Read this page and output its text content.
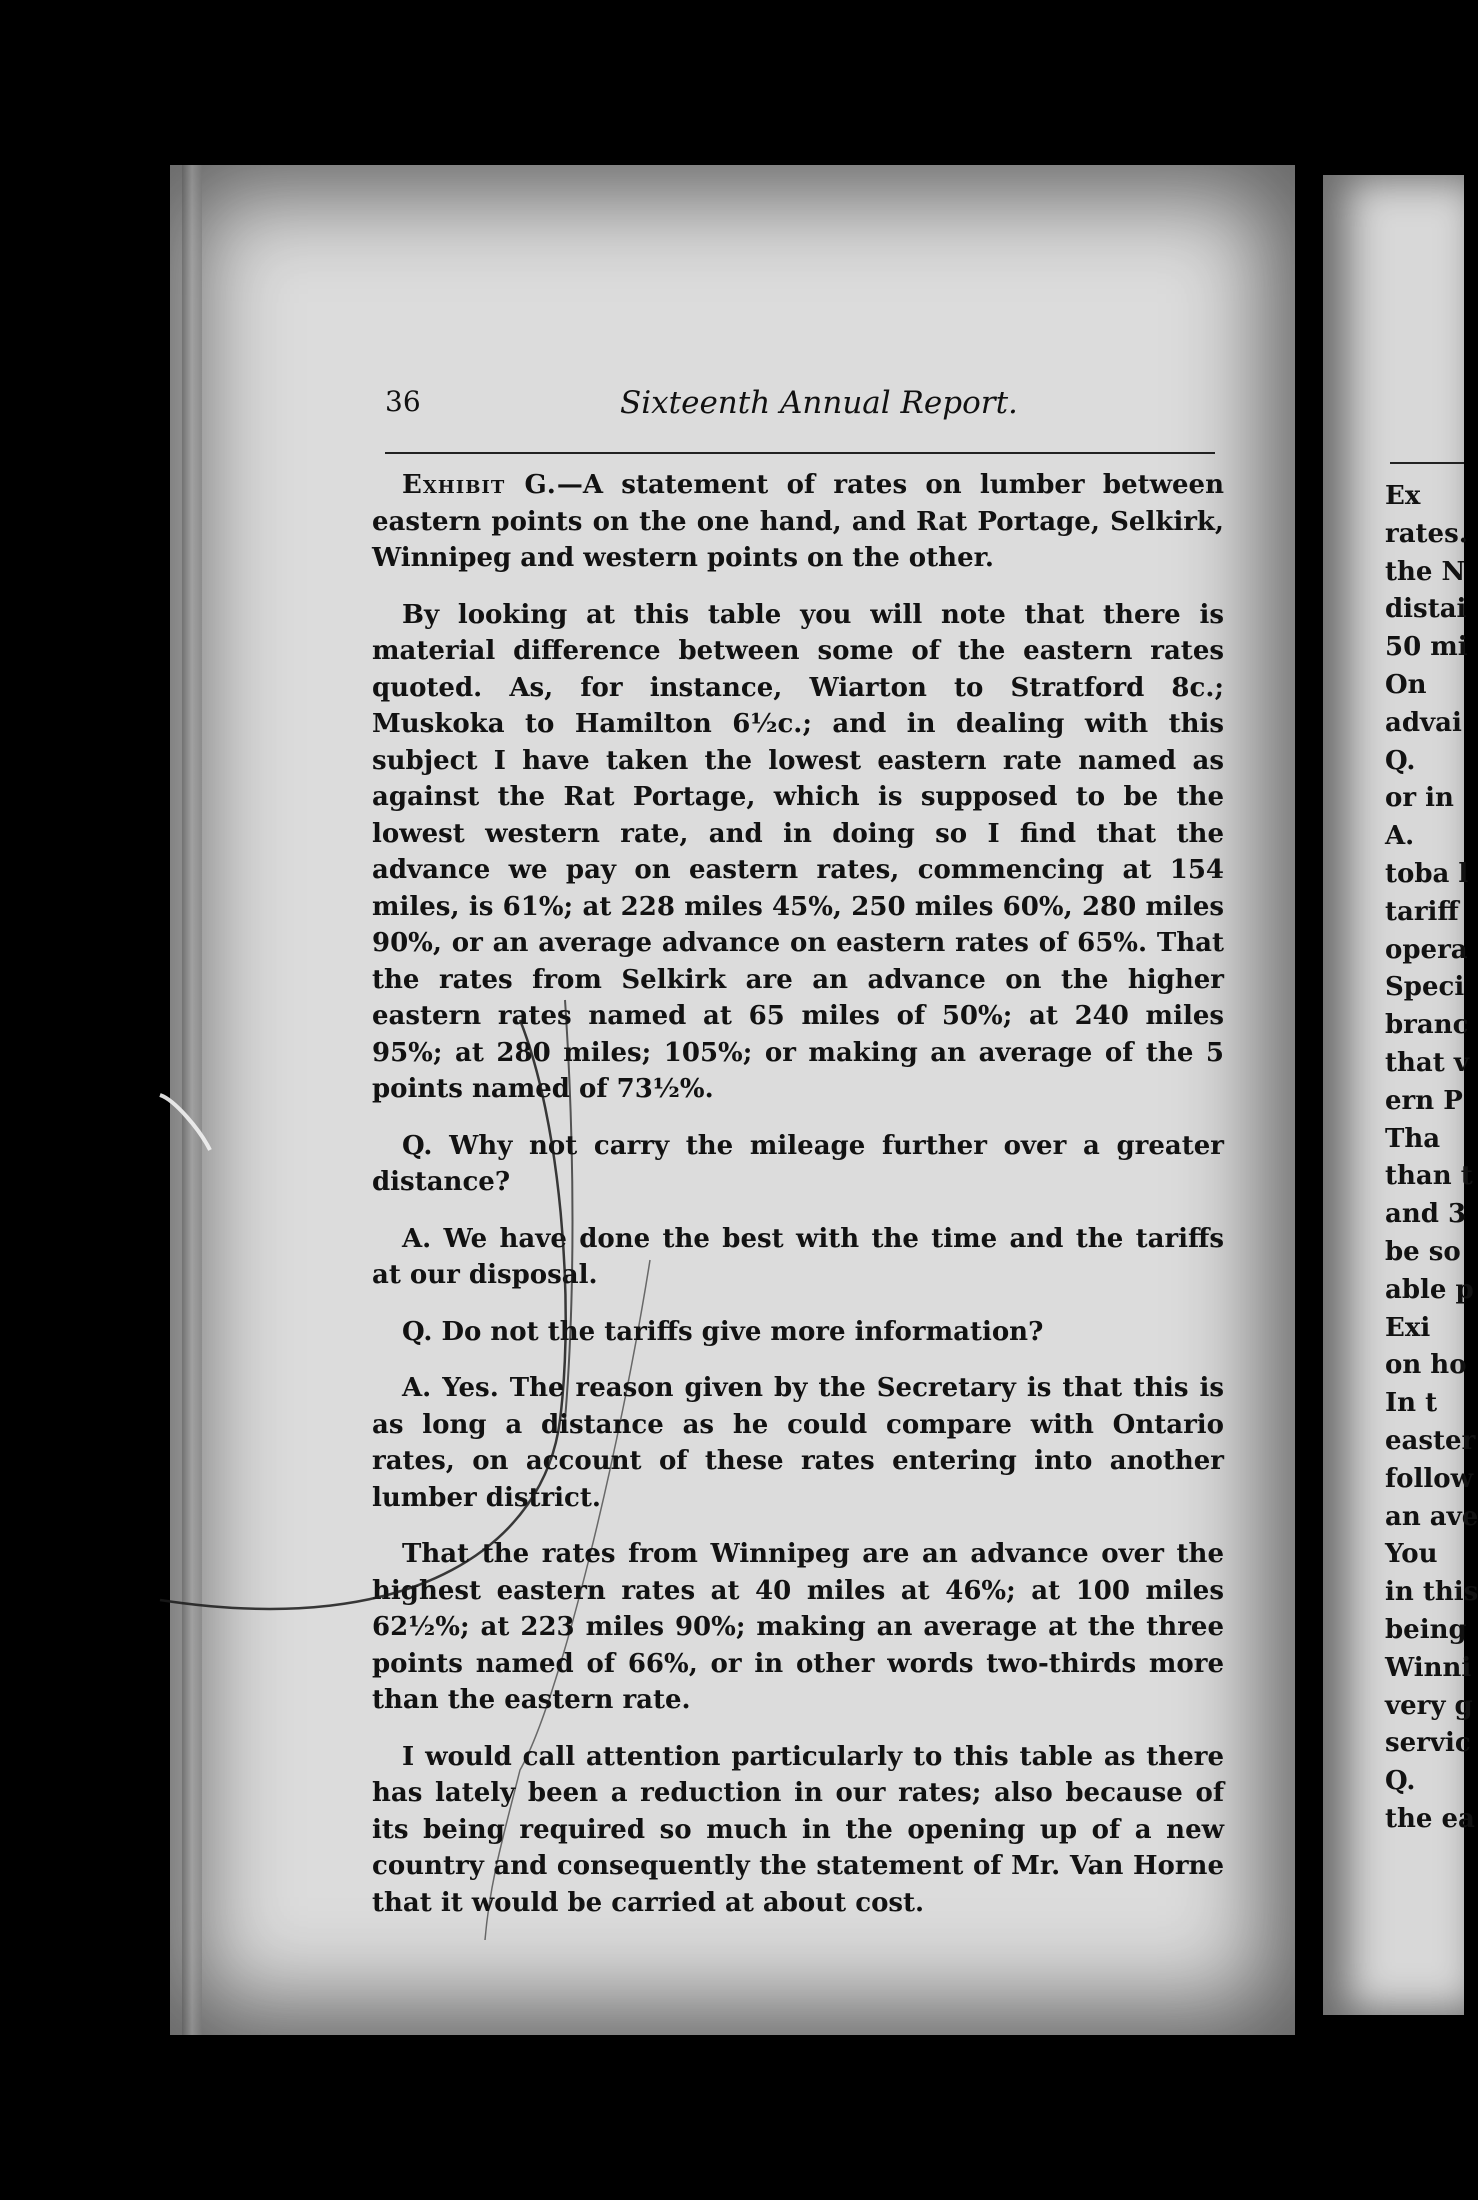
36	Sixteenth Annual Report.

Exhibit G.—A statement of rates on lumber between eastern points on the one hand, and Rat Portage, Selkirk, Winnipeg and western points on the other.

By looking at this table you will note that there is material difference between some of the eastern rates quoted. As, for instance, Wiarton to Stratford 8c.; Muskoka to Hamilton 6½c.; and in dealing with this subject I have taken the lowest eastern rate named as against the Rat Portage, which is supposed to be the lowest western rate, and in doing so I find that the advance we pay on eastern rates, commencing at 154 miles, is 61%; at 228 miles 45%, 250 miles 60%, 280 miles 90%, or an average advance on eastern rates of 65%. That the rates from Selkirk are an advance on the higher eastern rates named at 65 miles of 50%; at 240 miles 95%; at 280 miles; 105%; or making an average of the 5 points named of 73½%.

Q. Why not carry the mileage further over a greater distance?

A. We have done the best with the time and the tariffs at our disposal.

Q. Do not the tariffs give more information?

A. Yes. The reason given by the Secretary is that this is as long a distance as he could compare with Ontario rates, on account of these rates entering into another lumber district.

That the rates from Winnipeg are an advance over the highest eastern rates at 40 miles at 46%; at 100 miles 62½%; at 223 miles 90%; making an average at the three points named of 66%, or in other words two-thirds more than the eastern rate.

I would call attention particularly to this table as there has lately been a reduction in our rates; also because of its being required so much in the opening up of a new country and consequently the statement of Mr. Van Horne that it would be carried at about cost.

Ex
rates.
the N
distai
50 mi
On
advai
Q.
or in
A.
toba l
tariff
opera
Speci
branc
that v
ern P
Tha
than t
and 3
be so
able p
Exi
on ho
In t
easter
follow
an ave
You
in this
being
Winni
very g
servic
Q.
the ea
